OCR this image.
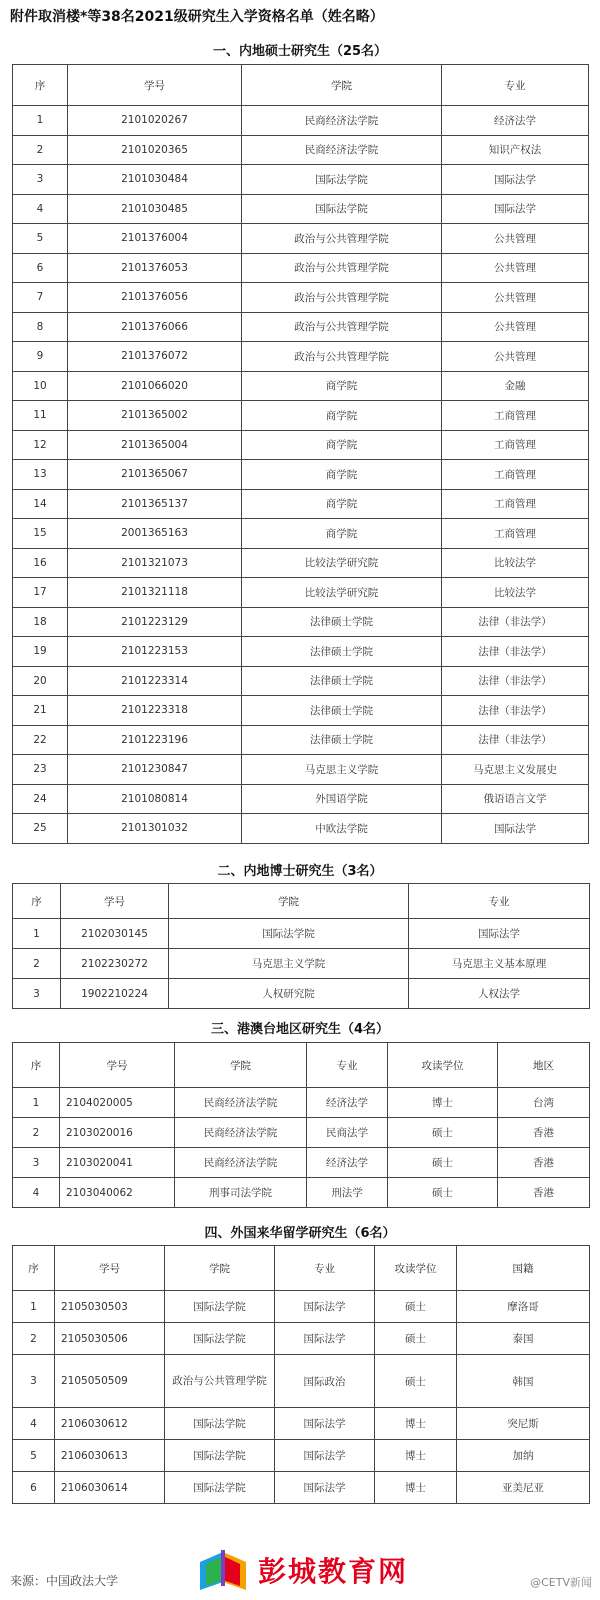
附件取消楼*等38名2021级研究生入学资格名单（姓名略）
一、内地硕士研究生（25名）
序	学号	学院	专业
1	2101020267	民商经济法学院	经济法学
2	2101020365	民商经济法学院	知识产权法
3	2101030484	国际法学院	国际法学
4	2101030485	国际法学院	国际法学
5	2101376004	政治与公共管理学院	公共管理
6	2101376053	政治与公共管理学院	公共管理
7	2101376056	政治与公共管理学院	公共管理
8	2101376066	政治与公共管理学院	公共管理
9	2101376072	政治与公共管理学院	公共管理
10	2101066020	商学院	金融
11	2101365002	商学院	工商管理
12	2101365004	商学院	工商管理
13	2101365067	商学院	工商管理
14	2101365137	商学院	工商管理
15	2001365163	商学院	工商管理
16	2101321073	比较法学研究院	比较法学
17	2101321118	比较法学研究院	比较法学
18	2101223129	法律硕士学院	法律（非法学）
19	2101223153	法律硕士学院	法律（非法学）
20	2101223314	法律硕士学院	法律（非法学）
21	2101223318	法律硕士学院	法律（非法学）
22	2101223196	法律硕士学院	法律（非法学）
23	2101230847	马克思主义学院	马克思主义发展史
24	2101080814	外国语学院	俄语语言文学
25	2101301032	中欧法学院	国际法学
二、内地博士研究生（3名）
序	学号	学院	专业
1	2102030145	国际法学院	国际法学
2	2102230272	马克思主义学院	马克思主义基本原理
3	1902210224	人权研究院	人权法学
三、港澳台地区研究生（4名）
序	学号	学院	专业	攻读学位	地区
1	2104020005	民商经济法学院	经济法学	博士	台湾
2	2103020016	民商经济法学院	民商法学	硕士	香港
3	2103020041	民商经济法学院	经济法学	硕士	香港
4	2103040062	刑事司法学院	刑法学	硕士	香港
四、外国来华留学研究生（6名）
序	学号	学院	专业	攻读学位	国籍
1	2105030503	国际法学院	国际法学	硕士	摩洛哥
2	2105030506	国际法学院	国际法学	硕士	泰国
3	2105050509	政治与公共管理学院	国际政治	硕士	韩国
4	2106030612	国际法学院	国际法学	博士	突尼斯
5	2106030613	国际法学院	国际法学	博士	加纳
6	2106030614	国际法学院	国际法学	博士	亚美尼亚
来源：中国政法大学	彭城教育网	@CETV新闻
